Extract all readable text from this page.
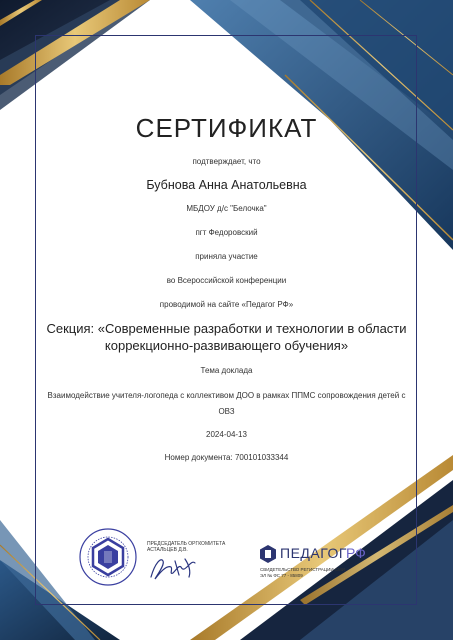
СЕРТИФИКАТ
подтверждает, что
Бубнова Анна Анатольевна
МБДОУ д/с "Белочка"
пгт Федоровский
приняла участие
во Всероссийской конференции
проводимой на сайте «Педагог РФ»
Секция: «Современные разработки и технологии в области коррекционно-развивающего обучения»
Тема доклада
Взаимодействие учителя-логопеда с коллективом ДОО в рамках ППМС сопровождения детей с ОВЗ
2024-04-13
Номер документа: 700101033344
ПРЕДСЕДАТЕЛЬ ОРГКОМИТЕТА
АСТАЛЬЦЕВ Д.В.	ПЕДАГОГ РФ
СВИДЕТЕЛЬСТВО РЕГИСТРАЦИИ СМИ
ЭЛ № ФС 77 - 85809
